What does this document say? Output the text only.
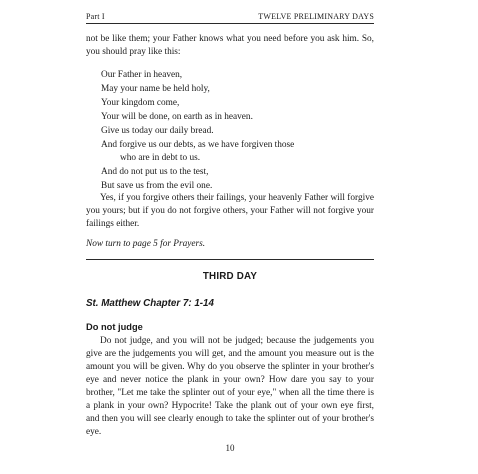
Part I	TWELVE PRELIMINARY DAYS

not be like them; your Father knows what you need before you ask him. So, you should pray like this:

Our Father in heaven,
May your name be held holy,
Your kingdom come,
Your will be done, on earth as in heaven.
Give us today our daily bread.
And forgive us our debts, as we have forgiven those
who are in debt to us.
And do not put us to the test,
But save us from the evil one.

Yes, if you forgive others their failings, your heavenly Father will forgive you yours; but if you do not forgive others, your Father will not forgive your failings either.

Now turn to page 5 for Prayers.

THIRD DAY
St. Matthew Chapter 7: 1-14
Do not judge

Do not judge, and you will not be judged; because the judgements you give are the judgements you will get, and the amount you measure out is the amount you will be given. Why do you observe the splinter in your brother's eye and never notice the plank in your own? How dare you say to your brother, "Let me take the splinter out of your eye," when all the time there is a plank in your own? Hypocrite! Take the plank out of your own eye first, and then you will see clearly enough to take the splinter out of your brother's eye.

10
